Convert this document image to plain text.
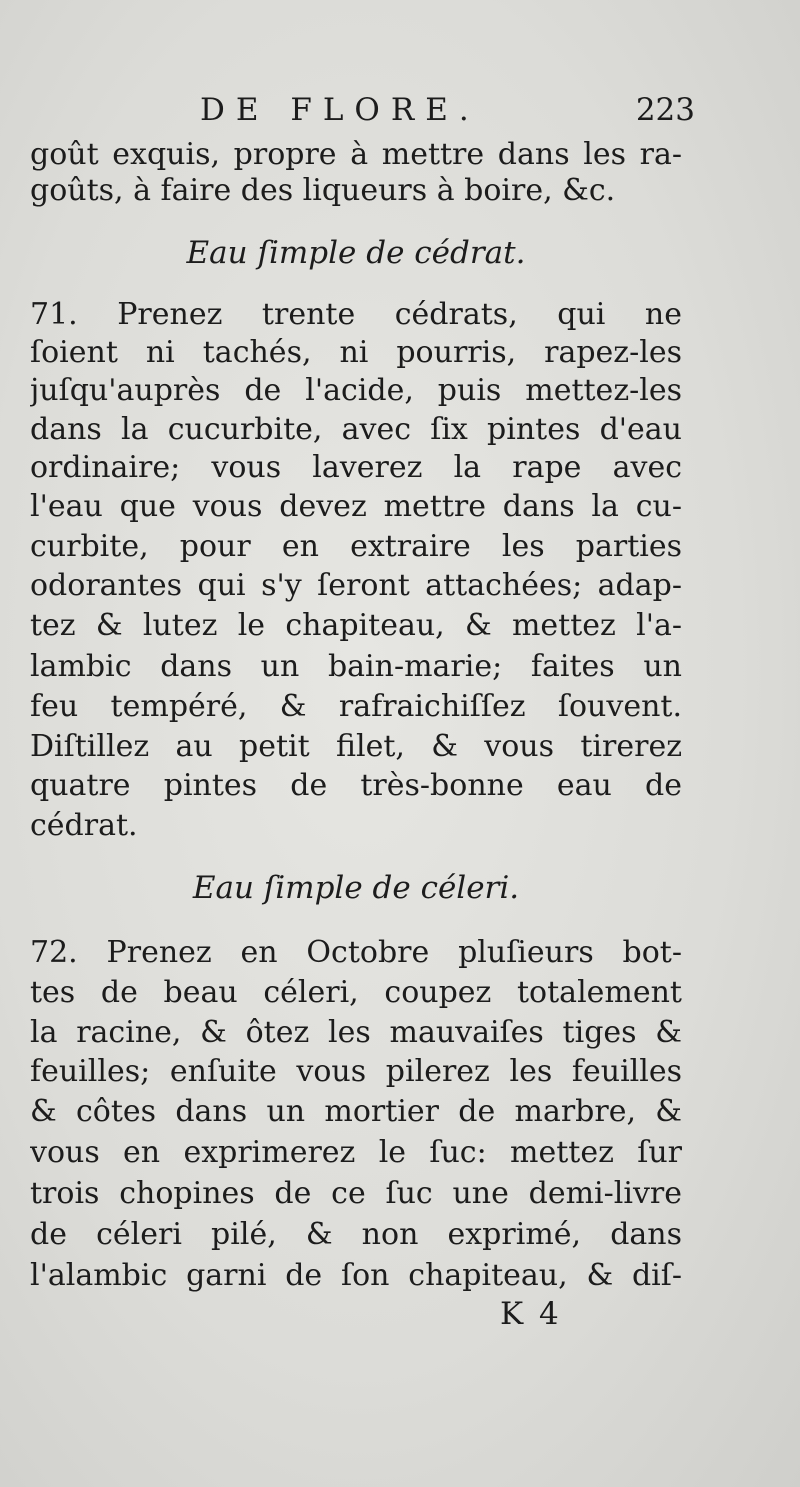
DE FLORE.	223
goût exquis, propre à mettre dans les ra-
goûts, à faire des liqueurs à boire, &c.
Eau ſimple de cédrat.
71. Prenez trente cédrats, qui ne
ſoient ni tachés, ni pourris, rapez-les
juſqu'auprès de l'acide, puis mettez-les
dans la cucurbite, avec ſix pintes d'eau
ordinaire; vous laverez la rape avec
l'eau que vous devez mettre dans la cu-
curbite, pour en extraire les parties
odorantes qui s'y ſeront attachées; adap-
tez & lutez le chapiteau, & mettez l'a-
lambic dans un bain-marie; faites un
feu tempéré, & rafraichiſſez ſouvent.
Diſtillez au petit filet, & vous tirerez
quatre pintes de très-bonne eau de
cédrat.
Eau ſimple de céleri.
72. Prenez en Octobre pluſieurs bot-
tes de beau céleri, coupez totalement
la racine, & ôtez les mauvaiſes tiges &
feuilles; enſuite vous pilerez les feuilles
& côtes dans un mortier de marbre, &
vous en exprimerez le ſuc: mettez ſur
trois chopines de ce ſuc une demi-livre
de céleri pilé, & non exprimé, dans
l'alambic garni de ſon chapiteau, & diſ-
K 4
